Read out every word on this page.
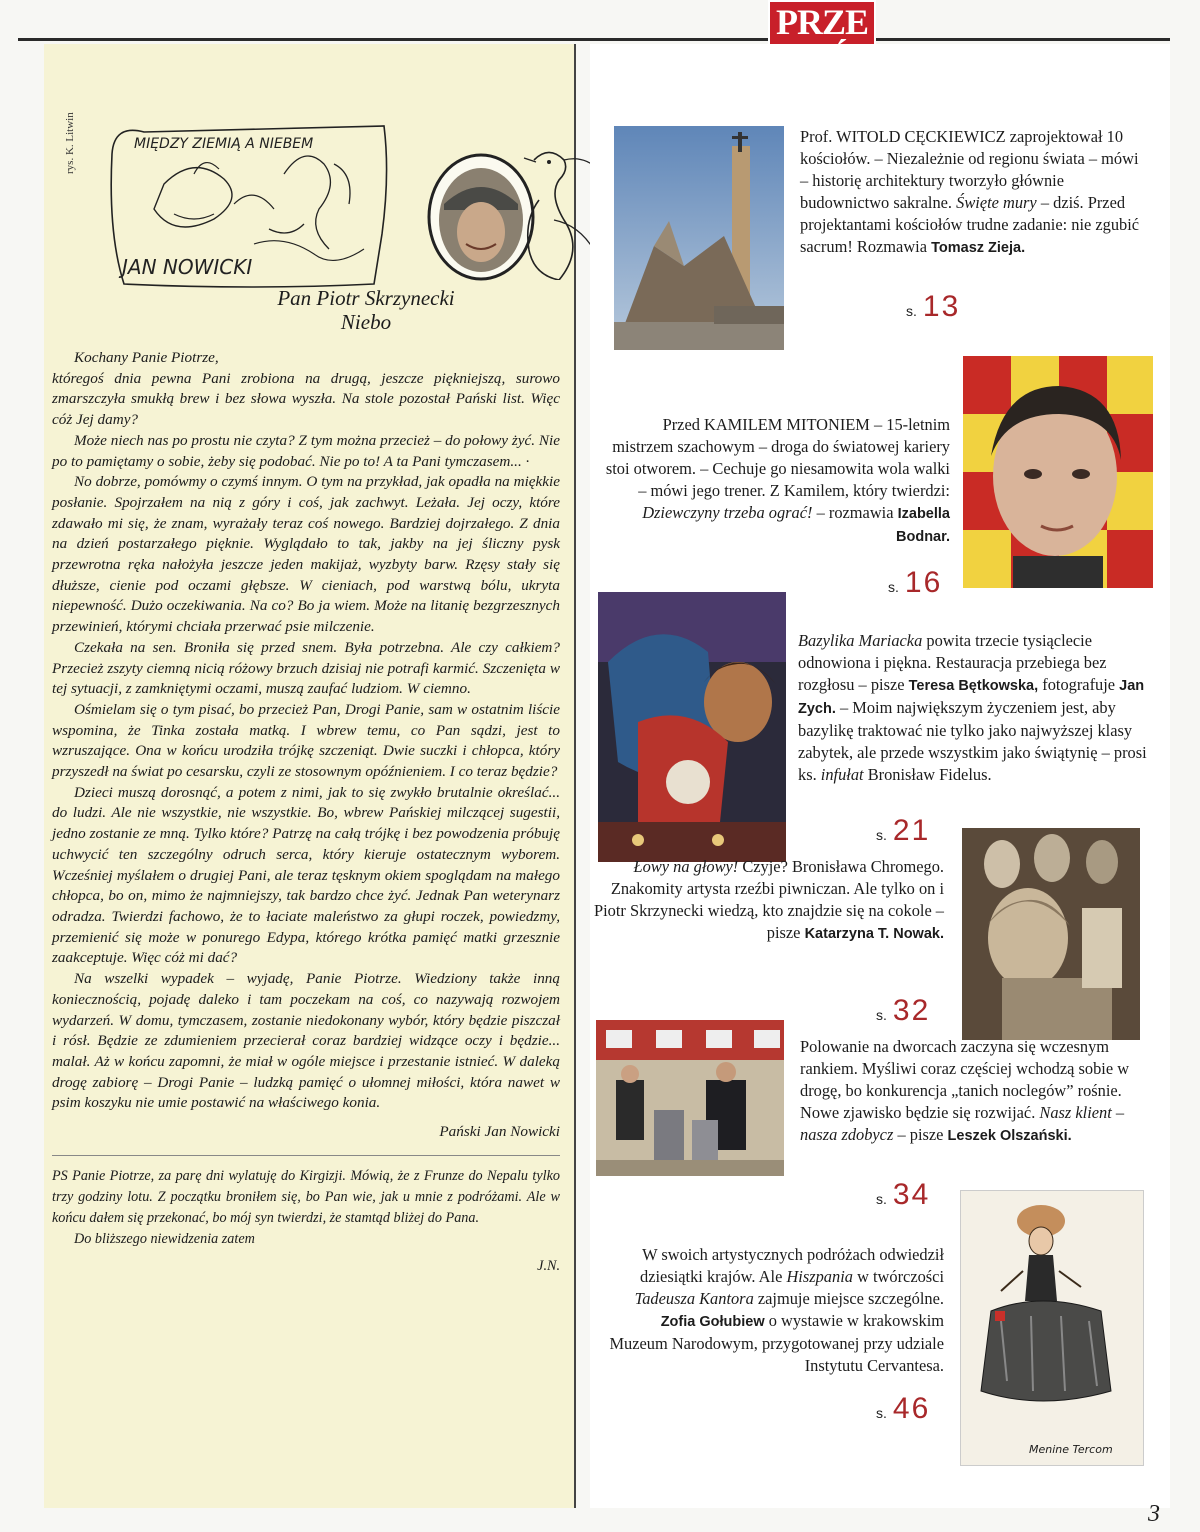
PRZE
rys. K. Litwin	MIĘDZY ZIEMIĄ A NIEBEM
JAN NOWICKI
Pan Piotr Skrzynecki
Niebo

Kochany Panie Piotrze,

któregoś dnia pewna Pani zrobiona na drugą, jeszcze piękniejszą, surowo zmarszczyła smukłą brew i bez słowa wyszła. Na stole pozostał Pański list. Więc cóż Jej damy?

Może niech nas po prostu nie czyta? Z tym można przecież – do połowy żyć. Nie po to pamiętamy o sobie, żeby się podobać. Nie po to! A ta Pani tymczasem... ·

No dobrze, pomówmy o czymś innym. O tym na przykład, jak opadła na miękkie posłanie. Spojrzałem na nią z góry i coś, jak zachwyt. Leżała. Jej oczy, które zdawało mi się, że znam, wyrażały teraz coś nowego. Bardziej dojrzałego. Z dnia na dzień postarzałego pięknie. Wyglądało to tak, jakby na jej śliczny pysk przewrotna ręka nałożyła jeszcze jeden makijaż, wyzbyty barw. Rzęsy stały się dłuższe, cienie pod oczami głębsze. W cieniach, pod warstwą bólu, ukryta niepewność. Dużo oczekiwania. Na co? Bo ja wiem. Może na litanię bezgrzesznych przewinień, którymi chciała przerwać psie milczenie.

Czekała na sen. Broniła się przed snem. Była potrzebna. Ale czy całkiem? Przecież zszyty ciemną nicią różowy brzuch dzisiaj nie potrafi karmić. Szczenięta w tej sytuacji, z zamkniętymi oczami, muszą zaufać ludziom. W ciemno.

Ośmielam się o tym pisać, bo przecież Pan, Drogi Panie, sam w ostatnim liście wspomina, że Tinka została matką. I wbrew temu, co Pan sądzi, jest to wzruszające. Ona w końcu urodziła trójkę szczeniąt. Dwie suczki i chłopca, który przyszedł na świat po cesarsku, czyli ze stosownym opóźnieniem. I co teraz będzie?

Dzieci muszą dorosnąć, a potem z nimi, jak to się zwykło brutalnie określać... do ludzi. Ale nie wszystkie, nie wszystkie. Bo, wbrew Pańskiej milczącej sugestii, jedno zostanie ze mną. Tylko które? Patrzę na całą trójkę i bez powodzenia próbuję uchwycić ten szczególny odruch serca, który kieruje ostatecznym wyborem. Wcześniej myślałem o drugiej Pani, ale teraz tęsknym okiem spoglądam na małego chłopca, bo on, mimo że najmniejszy, tak bardzo chce żyć. Jednak Pan weterynarz odradza. Twierdzi fachowo, że to łaciate maleństwo za głupi roczek, powiedzmy, przemienić się może w ponurego Edypa, którego krótka pamięć matki grzesznie zaakceptuje. Więc cóż mi dać?

Na wszelki wypadek – wyjadę, Panie Piotrze. Wiedziony także inną koniecznością, pojadę daleko i tam poczekam na coś, co nazywają rozwojem wydarzeń. W domu, tymczasem, zostanie niedokonany wybór, który będzie piszczał i rósł. Będzie ze zdumieniem przecierał coraz bardziej widzące oczy i będzie... malał. Aż w końcu zapomni, że miał w ogóle miejsce i przestanie istnieć. W daleką drogę zabiorę – Drogi Panie – ludzką pamięć o ułomnej miłości, która nawet w psim koszyku nie umie postawić na właściwego konia.

Pański Jan Nowicki

PS Panie Piotrze, za parę dni wylatuję do Kirgizji. Mówią, że z Frunze do Nepalu tylko trzy godziny lotu. Z początku broniłem się, bo Pan wie, jak u mnie z podróżami. Ale w końcu dałem się przekonać, bo mój syn twierdzi, że stamtąd bliżej do Pana.

Do bliższego niewidzenia zatem

J.N.
Prof. WITOLD CĘCKIEWICZ zaprojektował 10 kościołów. – Niezależnie od regionu świata – mówi – historię architektury tworzyło głównie budownictwo sakralne. Święte mury – dziś. Przed projektantami kościołów trudne zadanie: nie zgubić sacrum! Rozmawia Tomasz Zieja.
s. 13
Przed KAMILEM MITONIEM – 15-letnim mistrzem szachowym – droga do światowej kariery stoi otworem. – Cechuje go niesamowita wola walki – mówi jego trener. Z Kamilem, który twierdzi: Dziewczyny trzeba ograć! – rozmawia Izabella Bodnar.
s. 16
Bazylika Mariacka powita trzecie tysiąclecie odnowiona i piękna. Restauracja przebiega bez rozgłosu – pisze Teresa Bętkowska, fotografuje Jan Zych. – Moim największym życzeniem jest, aby bazylikę traktować nie tylko jako najwyższej klasy zabytek, ale przede wszystkim jako świątynię – prosi ks. infułat Bronisław Fidelus.
s. 21
Łowy na głowy! Czyje? Bronisława Chromego. Znakomity artysta rzeźbi piwniczan. Ale tylko on i Piotr Skrzynecki wiedzą, kto znajdzie się na cokole – pisze Katarzyna T. Nowak.
s. 32
Polowanie na dworcach zaczyna się wczesnym rankiem. Myśliwi coraz częściej wchodzą sobie w drogę, bo konkurencja „tanich noclegów” rośnie. Nowe zjawisko będzie się rozwijać. Nasz klient – nasza zdobycz – pisze Leszek Olszański.
s. 34
Menine Tercom
W swoich artystycznych podróżach odwiedził dziesiątki krajów. Ale Hiszpania w twórczości Tadeusza Kantora zajmuje miejsce szczególne. Zofia Gołubiew o wystawie w krakowskim Muzeum Narodowym, przygotowanej przy udziale Instytutu Cervantesa.
s. 46
3
